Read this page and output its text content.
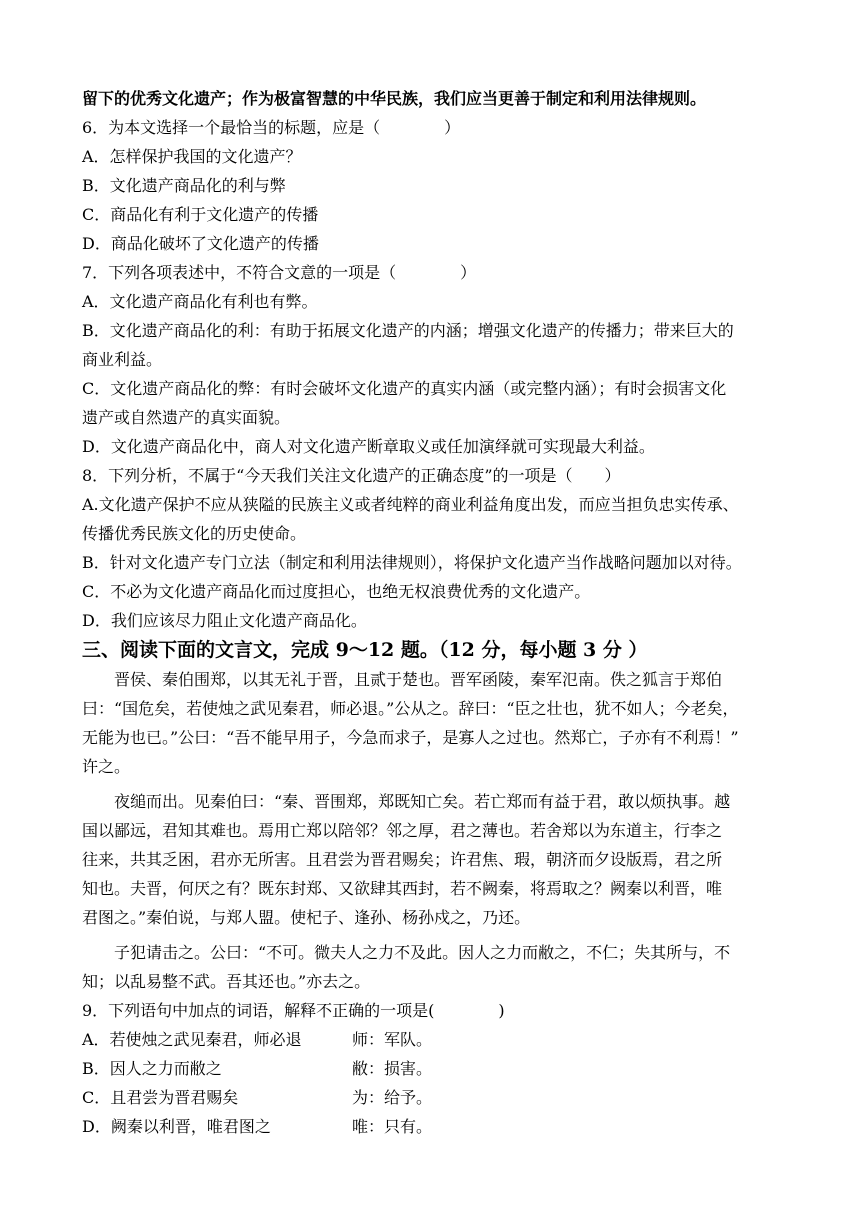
留下的优秀文化遗产；作为极富智慧的中华民族，我们应当更善于制定和利用法律规则。
6．为本文选择一个最恰当的标题，应是（　　　　）
A．怎样保护我国的文化遗产？
B．文化遗产商品化的利与弊
C．商品化有利于文化遗产的传播
D．商品化破坏了文化遗产的传播
7．下列各项表述中，不符合文意的一项是（　　　　）
A．文化遗产商品化有利也有弊。
B．文化遗产商品化的利：有助于拓展文化遗产的内涵；增强文化遗产的传播力；带来巨大的
商业利益。
C．文化遗产商品化的弊：有时会破坏文化遗产的真实内涵（或完整内涵）；有时会损害文化
遗产或自然遗产的真实面貌。
D．文化遗产商品化中，商人对文化遗产断章取义或任加演绎就可实现最大利益。
8．下列分析，不属于“今天我们关注文化遗产的正确态度”的一项是（　　）
A.文化遗产保护不应从狭隘的民族主义或者纯粹的商业利益角度出发，而应当担负忠实传承、
传播优秀民族文化的历史使命。
B．针对文化遗产专门立法（制定和利用法律规则），将保护文化遗产当作战略问题加以对待。
C．不必为文化遗产商品化而过度担心，也绝无权浪费优秀的文化遗产。
D．我们应该尽力阻止文化遗产商品化。
三、阅读下面的文言文，完成 9～12 题。（12 分，每小题 3 分 ）
晋侯、秦伯围郑，以其无礼于晋，且贰于楚也。晋军函陵，秦军氾南。佚之狐言于郑伯
曰：“国危矣，若使烛之武见秦君，师必退。”公从之。辞曰：“臣之壮也，犹不如人；今老矣，
无能为也已。”公曰：“吾不能早用子，今急而求子，是寡人之过也。然郑亡，子亦有不利焉！”
许之。
夜缒而出。见秦伯曰：“秦、晋围郑，郑既知亡矣。若亡郑而有益于君，敢以烦执事。越
国以鄙远，君知其难也。焉用亡郑以陪邻？邻之厚，君之薄也。若舍郑以为东道主，行李之
往来，共其乏困，君亦无所害。且君尝为晋君赐矣；许君焦、瑕，朝济而夕设版焉，君之所
知也。夫晋，何厌之有？既东封郑、又欲肆其西封，若不阙秦，将焉取之？阙秦以利晋，唯
君图之。”秦伯说，与郑人盟。使杞子、逢孙、杨孙戍之，乃还。
子犯请击之。公曰：“不可。微夫人之力不及此。因人之力而敝之，不仁；失其所与，不
知；以乱易整不武。吾其还也。”亦去之。
9．下列语句中加点的词语，解释不正确的一项是(　　　　)
A．若使烛之武见秦君，师必退	师：军队。
B．因人之力而敝之	敝：损害。
C．且君尝为晋君赐矣	为：给予。
D．阙秦以利晋，唯君图之	唯：只有。
